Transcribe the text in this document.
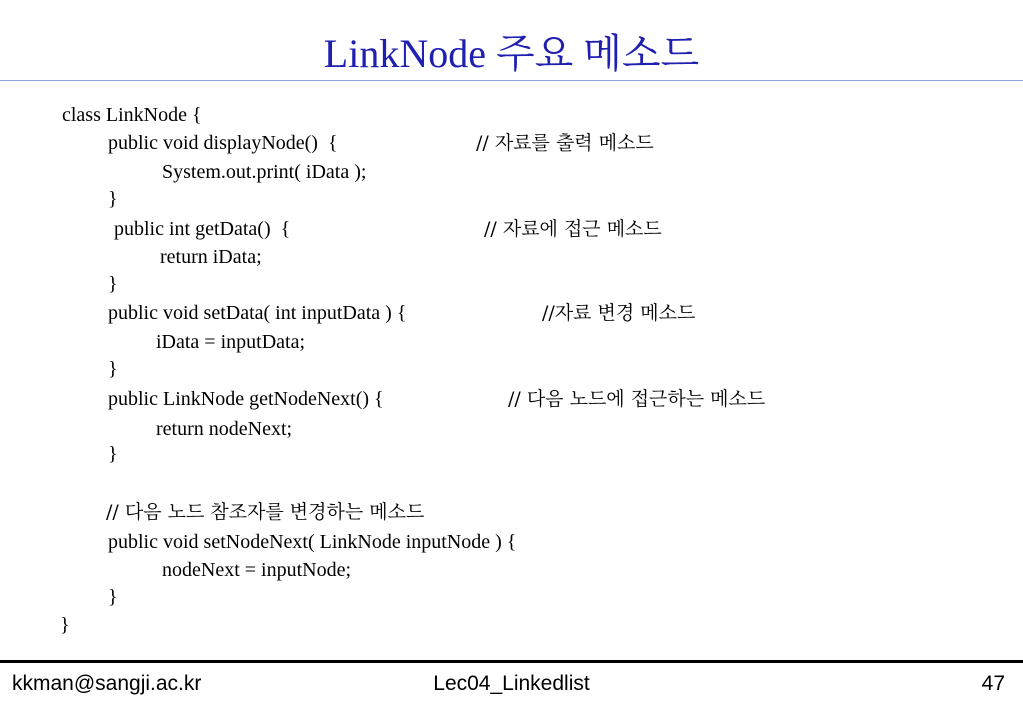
LinkNode 주요 메소드
class LinkNode {
public void displayNode()  {	// 자료를 출력 메소드
System.out.print( iData );
}
public int getData()  {	// 자료에 접근 메소드
return iData;
}
public void setData( int inputData ) {	//자료 변경 메소드
iData = inputData;
}
public LinkNode getNodeNext() {	// 다음 노드에 접근하는 메소드
return nodeNext;
}
// 다음 노드 참조자를 변경하는 메소드
public void setNodeNext( LinkNode inputNode ) {
nodeNext = inputNode;
}
}
kkman@sangji.ac.kr	Lec04_Linkedlist	47
